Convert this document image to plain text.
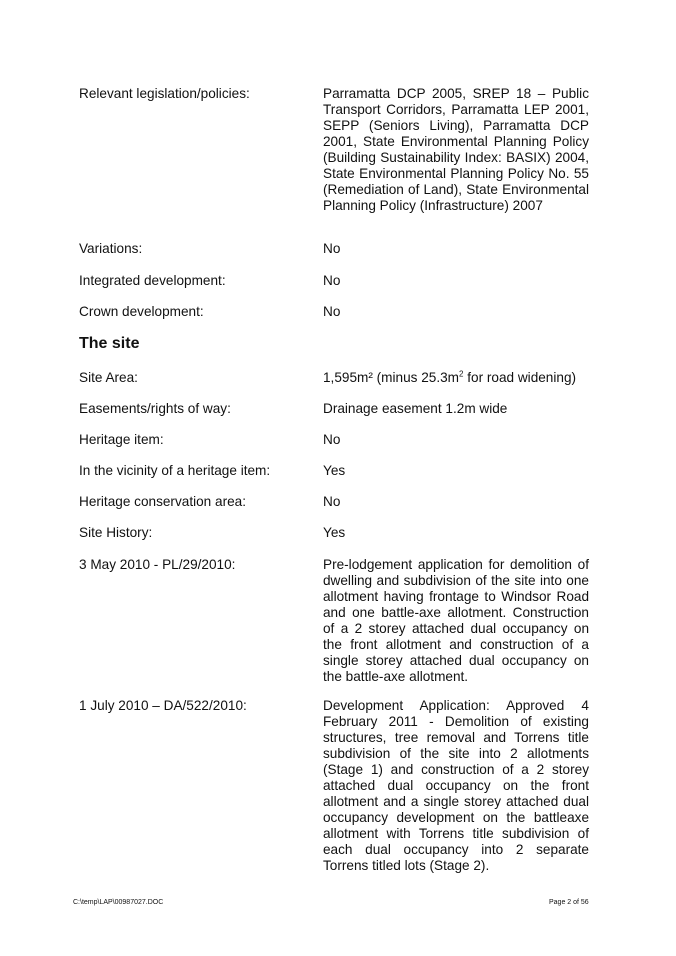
Relevant legislation/policies:	Parramatta DCP 2005, SREP 18 – Public
Transport Corridors, Parramatta LEP 2001,
SEPP (Seniors Living), Parramatta DCP
2001, State Environmental Planning Policy
(Building Sustainability Index: BASIX) 2004,
State Environmental Planning Policy No. 55
(Remediation of Land), State Environmental
Planning Policy (Infrastructure) 2007
Variations:	No
Integrated development:	No
Crown development:	No
The site
Site Area:	1,595m² (minus $25.3m^2$ for road widening)
Easements/rights of way:	Drainage easement 1.2m wide
Heritage item:	No
In the vicinity of a heritage item:	Yes
Heritage conservation area:	No
Site History:	Yes
3 May 2010 - PL/29/2010:	Pre-lodgement application for demolition of
dwelling and subdivision of the site into one
allotment having frontage to Windsor Road
and one battle-axe allotment. Construction
of a 2 storey attached dual occupancy on
the front allotment and construction of a
single storey attached dual occupancy on
the battle-axe allotment.
1 July 2010 – DA/522/2010:	Development Application: Approved 4
February 2011 - Demolition of existing
structures, tree removal and Torrens title
subdivision of the site into 2 allotments
(Stage 1) and construction of a 2 storey
attached dual occupancy on the front
allotment and a single storey attached dual
occupancy development on the battleaxe
allotment with Torrens title subdivision of
each dual occupancy into 2 separate
Torrens titled lots (Stage 2).
C:\temp\LAP\00987027.DOC	Page 2 of 56
